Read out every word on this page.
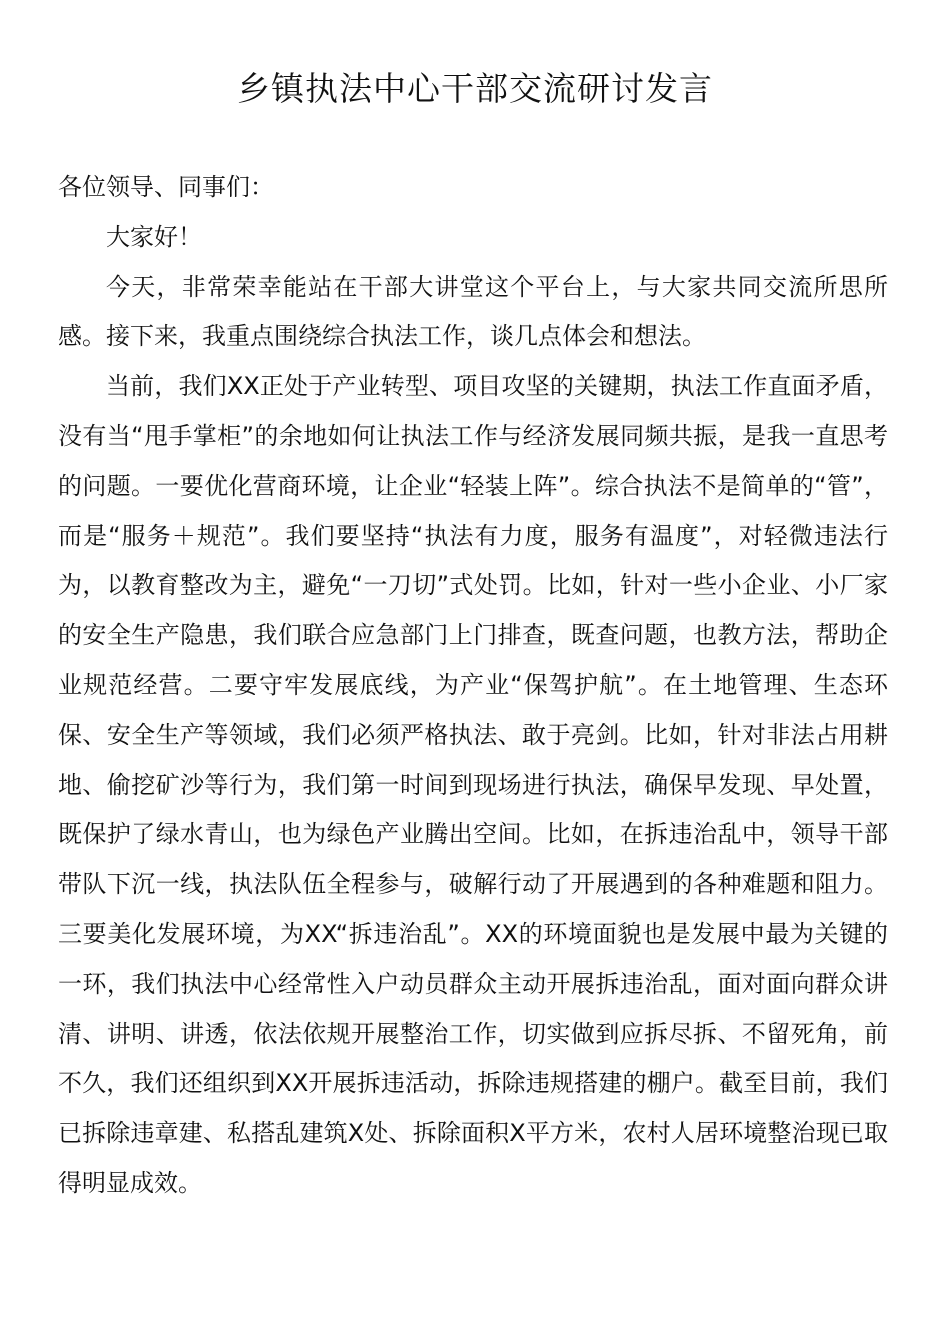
乡镇执法中心干部交流研讨发言

各位领导、同事们：

大家好！

今天，非常荣幸能站在干部大讲堂这个平台上，与大家共同交流所思所感。接下来，我重点围绕综合执法工作，谈几点体会和想法。

当前，我们XX正处于产业转型、项目攻坚的关键期，执法工作直面矛盾，没有当“甩手掌柜”的余地如何让执法工作与经济发展同频共振，是我一直思考的问题。一要优化营商环境，让企业“轻装上阵”。综合执法不是简单的“管”，而是“服务＋规范”。我们要坚持“执法有力度，服务有温度”，对轻微违法行为，以教育整改为主，避免“一刀切”式处罚。比如，针对一些小企业、小厂家的安全生产隐患，我们联合应急部门上门排查，既查问题，也教方法，帮助企业规范经营。二要守牢发展底线，为产业“保驾护航”。在土地管理、生态环保、安全生产等领域，我们必须严格执法、敢于亮剑。比如，针对非法占用耕地、偷挖矿沙等行为，我们第一时间到现场进行执法，确保早发现、早处置，既保护了绿水青山，也为绿色产业腾出空间。比如，在拆违治乱中，领导干部带队下沉一线，执法队伍全程参与，破解行动了开展遇到的各种难题和阻力。三要美化发展环境，为XX“拆违治乱”。XX的环境面貌也是发展中最为关键的一环，我们执法中心经常性入户动员群众主动开展拆违治乱，面对面向群众讲清、讲明、讲透，依法依规开展整治工作，切实做到应拆尽拆、不留死角，前不久，我们还组织到XX开展拆违活动，拆除违规搭建的棚户。截至目前，我们已拆除违章建、私搭乱建筑X处、拆除面积X平方米，农村人居环境整治现已取得明显成效。
